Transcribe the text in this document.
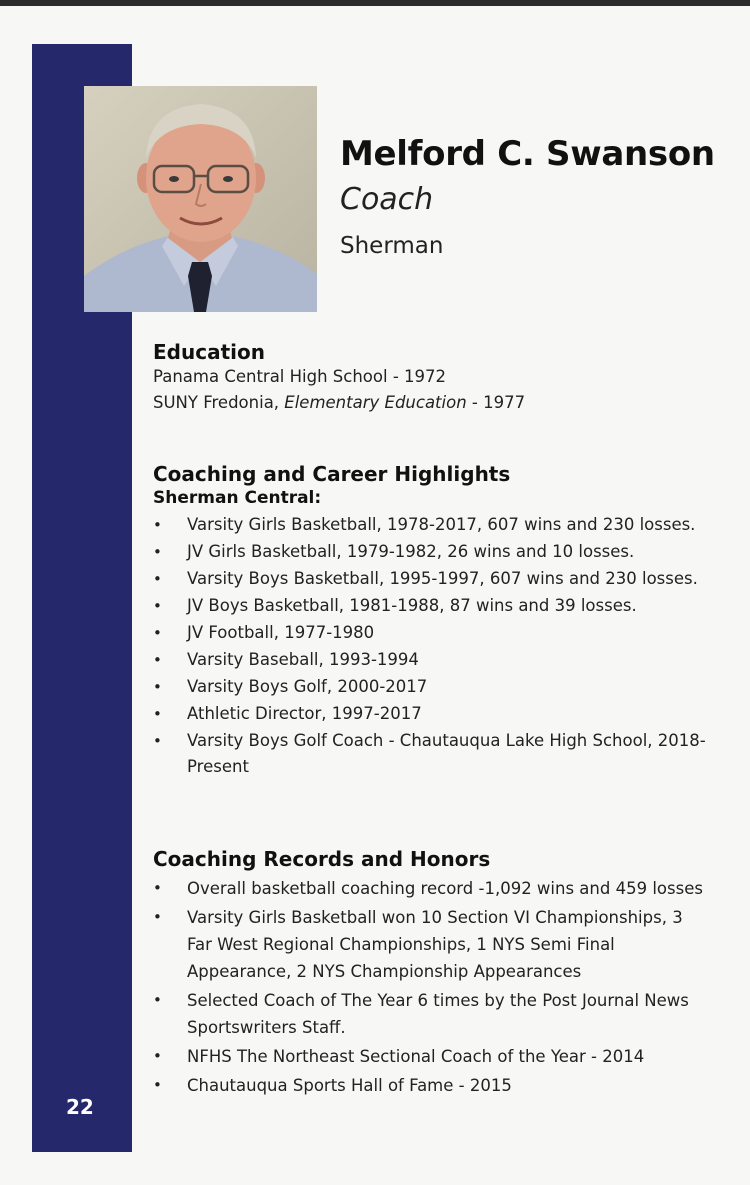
22
Melford C. Swanson
Coach
Sherman
Education
Panama Central High School - 1972
SUNY Fredonia, Elementary Education - 1977
Coaching and Career Highlights
Sherman Central:
• Varsity Girls Basketball, 1978-2017, 607 wins and 230 losses.
• JV Girls Basketball, 1979-1982, 26 wins and 10 losses.
• Varsity Boys Basketball, 1995-1997, 607 wins and 230 losses.
• JV Boys Basketball, 1981-1988, 87 wins and 39 losses.
• JV Football, 1977-1980
• Varsity Baseball, 1993-1994
• Varsity Boys Golf, 2000-2017
• Athletic Director, 1997-2017
• Varsity Boys Golf Coach - Chautauqua Lake High School, 2018-Present
Coaching Records and Honors
• Overall basketball coaching record -1,092 wins and 459 losses
• Varsity Girls Basketball won 10 Section VI Championships, 3 Far West Regional Championships, 1 NYS Semi Final Appearance, 2 NYS Championship Appearances
• Selected Coach of The Year 6 times by the Post Journal News Sportswriters Staff.
• NFHS The Northeast Sectional Coach of the Year - 2014
• Chautauqua Sports Hall of Fame - 2015
